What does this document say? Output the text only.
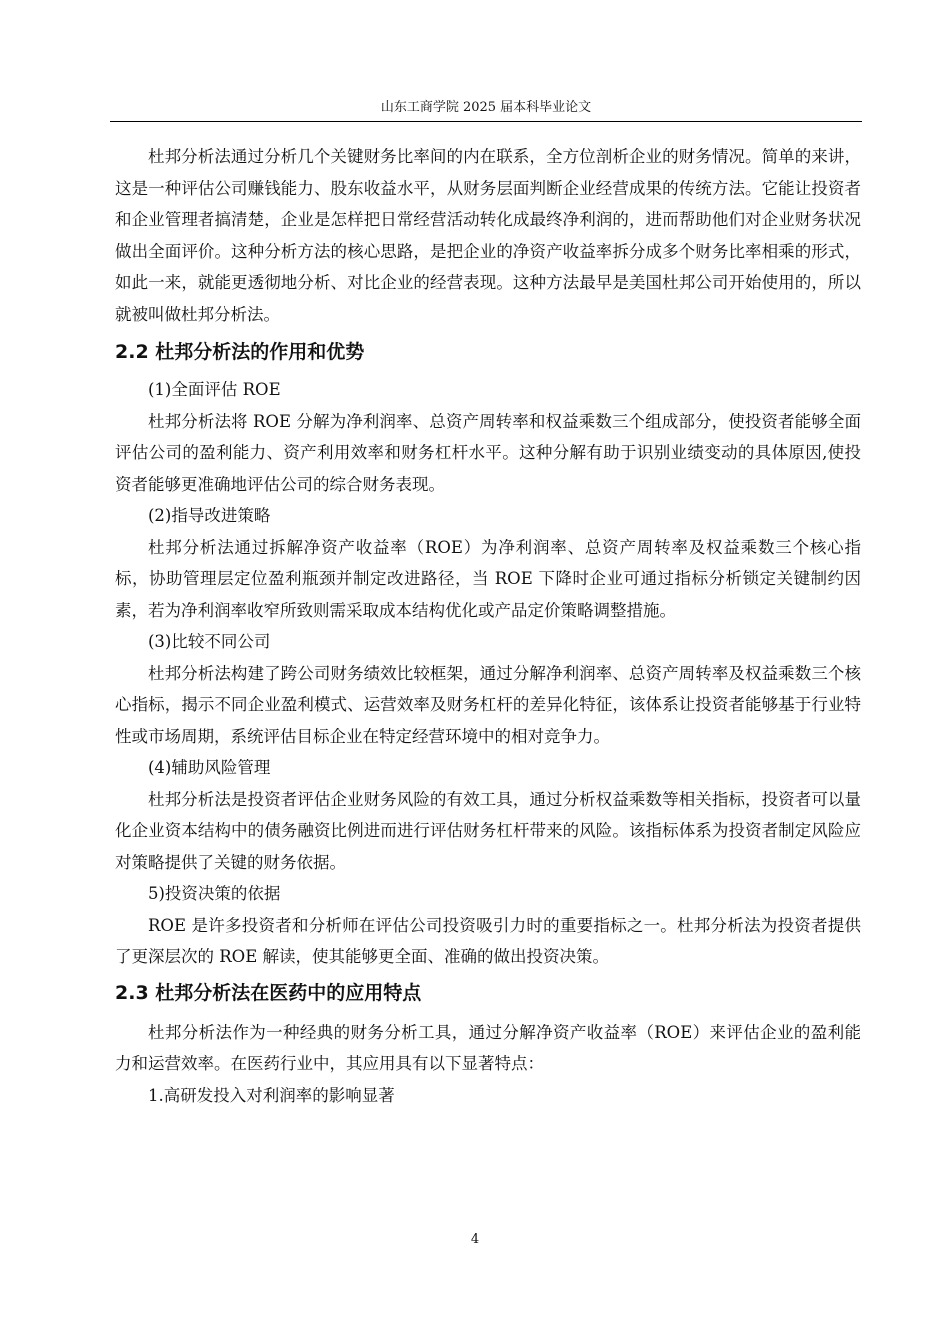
山东工商学院 2025 届本科毕业论文

杜邦分析法通过分析几个关键财务比率间的内在联系，全方位剖析企业的财务情况。简单的来讲，这是一种评估公司赚钱能力、股东收益水平，从财务层面判断企业经营成果的传统方法。它能让投资者和企业管理者搞清楚，企业是怎样把日常经营活动转化成最终净利润的，进而帮助他们对企业财务状况做出全面评价。这种分析方法的核心思路，是把企业的净资产收益率拆分成多个财务比率相乘的形式，如此一来，就能更透彻地分析、对比企业的经营表现。这种方法最早是美国杜邦公司开始使用的，所以就被叫做杜邦分析法。

2.2 杜邦分析法的作用和优势

(1)全面评估 ROE

杜邦分析法将 ROE 分解为净利润率、总资产周转率和权益乘数三个组成部分，使投资者能够全面评估公司的盈利能力、资产利用效率和财务杠杆水平。这种分解有助于识别业绩变动的具体原因,使投资者能够更准确地评估公司的综合财务表现。

(2)指导改进策略

杜邦分析法通过拆解净资产收益率（ROE）为净利润率、总资产周转率及权益乘数三个核心指标，协助管理层定位盈利瓶颈并制定改进路径，当 ROE 下降时企业可通过指标分析锁定关键制约因素，若为净利润率收窄所致则需采取成本结构优化或产品定价策略调整措施。

(3)比较不同公司

杜邦分析法构建了跨公司财务绩效比较框架，通过分解净利润率、总资产周转率及权益乘数三个核心指标，揭示不同企业盈利模式、运营效率及财务杠杆的差异化特征，该体系让投资者能够基于行业特性或市场周期，系统评估目标企业在特定经营环境中的相对竞争力。

(4)辅助风险管理

杜邦分析法是投资者评估企业财务风险的有效工具，通过分析权益乘数等相关指标，投资者可以量化企业资本结构中的债务融资比例进而进行评估财务杠杆带来的风险。该指标体系为投资者制定风险应对策略提供了关键的财务依据。

5)投资决策的依据

ROE 是许多投资者和分析师在评估公司投资吸引力时的重要指标之一。杜邦分析法为投资者提供了更深层次的 ROE 解读，使其能够更全面、准确的做出投资决策。

2.3 杜邦分析法在医药中的应用特点

杜邦分析法作为一种经典的财务分析工具，通过分解净资产收益率（ROE）来评估企业的盈利能力和运营效率。在医药行业中，其应用具有以下显著特点：

1.高研发投入对利润率的影响显著

4
